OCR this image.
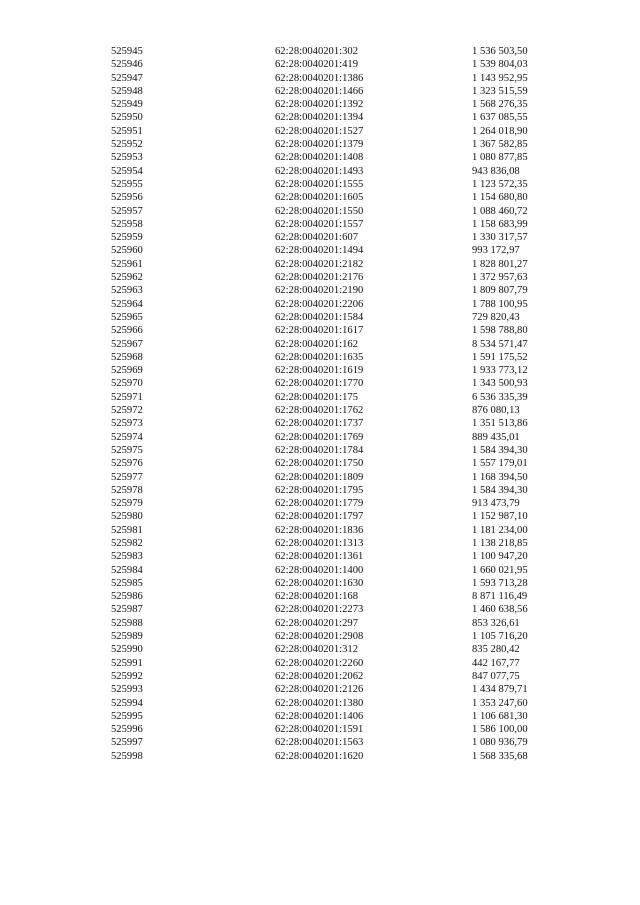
525945	62:28:0040201:302	1 536 503,50
525946	62:28:0040201:419	1 539 804,03
525947	62:28:0040201:1386	1 143 952,95
525948	62:28:0040201:1466	1 323 515,59
525949	62:28:0040201:1392	1 568 276,35
525950	62:28:0040201:1394	1 637 085,55
525951	62:28:0040201:1527	1 264 018,90
525952	62:28:0040201:1379	1 367 582,85
525953	62:28:0040201:1408	1 080 877,85
525954	62:28:0040201:1493	943 836,08
525955	62:28:0040201:1555	1 123 572,35
525956	62:28:0040201:1605	1 154 680,80
525957	62:28:0040201:1550	1 088 460,72
525958	62:28:0040201:1557	1 158 683,99
525959	62:28:0040201:607	1 330 317,57
525960	62:28:0040201:1494	993 172,97
525961	62:28:0040201:2182	1 828 801,27
525962	62:28:0040201:2176	1 372 957,63
525963	62:28:0040201:2190	1 809 807,79
525964	62:28:0040201:2206	1 788 100,95
525965	62:28:0040201:1584	729 820,43
525966	62:28:0040201:1617	1 598 788,80
525967	62:28:0040201:162	8 534 571,47
525968	62:28:0040201:1635	1 591 175,52
525969	62:28:0040201:1619	1 933 773,12
525970	62:28:0040201:1770	1 343 500,93
525971	62:28:0040201:175	6 536 335,39
525972	62:28:0040201:1762	876 080,13
525973	62:28:0040201:1737	1 351 513,86
525974	62:28:0040201:1769	889 435,01
525975	62:28:0040201:1784	1 584 394,30
525976	62:28:0040201:1750	1 557 179,01
525977	62:28:0040201:1809	1 168 394,50
525978	62:28:0040201:1795	1 584 394,30
525979	62:28:0040201:1779	913 473,79
525980	62:28:0040201:1797	1 152 987,10
525981	62:28:0040201:1836	1 181 234,00
525982	62:28:0040201:1313	1 138 218,85
525983	62:28:0040201:1361	1 100 947,20
525984	62:28:0040201:1400	1 660 021,95
525985	62:28:0040201:1630	1 593 713,28
525986	62:28:0040201:168	8 871 116,49
525987	62:28:0040201:2273	1 460 638,56
525988	62:28:0040201:297	853 326,61
525989	62:28:0040201:2908	1 105 716,20
525990	62:28:0040201:312	835 280,42
525991	62:28:0040201:2260	442 167,77
525992	62:28:0040201:2062	847 077,75
525993	62:28:0040201:2126	1 434 879,71
525994	62:28:0040201:1380	1 353 247,60
525995	62:28:0040201:1406	1 106 681,30
525996	62:28:0040201:1591	1 586 100,00
525997	62:28:0040201:1563	1 080 936,79
525998	62:28:0040201:1620	1 568 335,68
